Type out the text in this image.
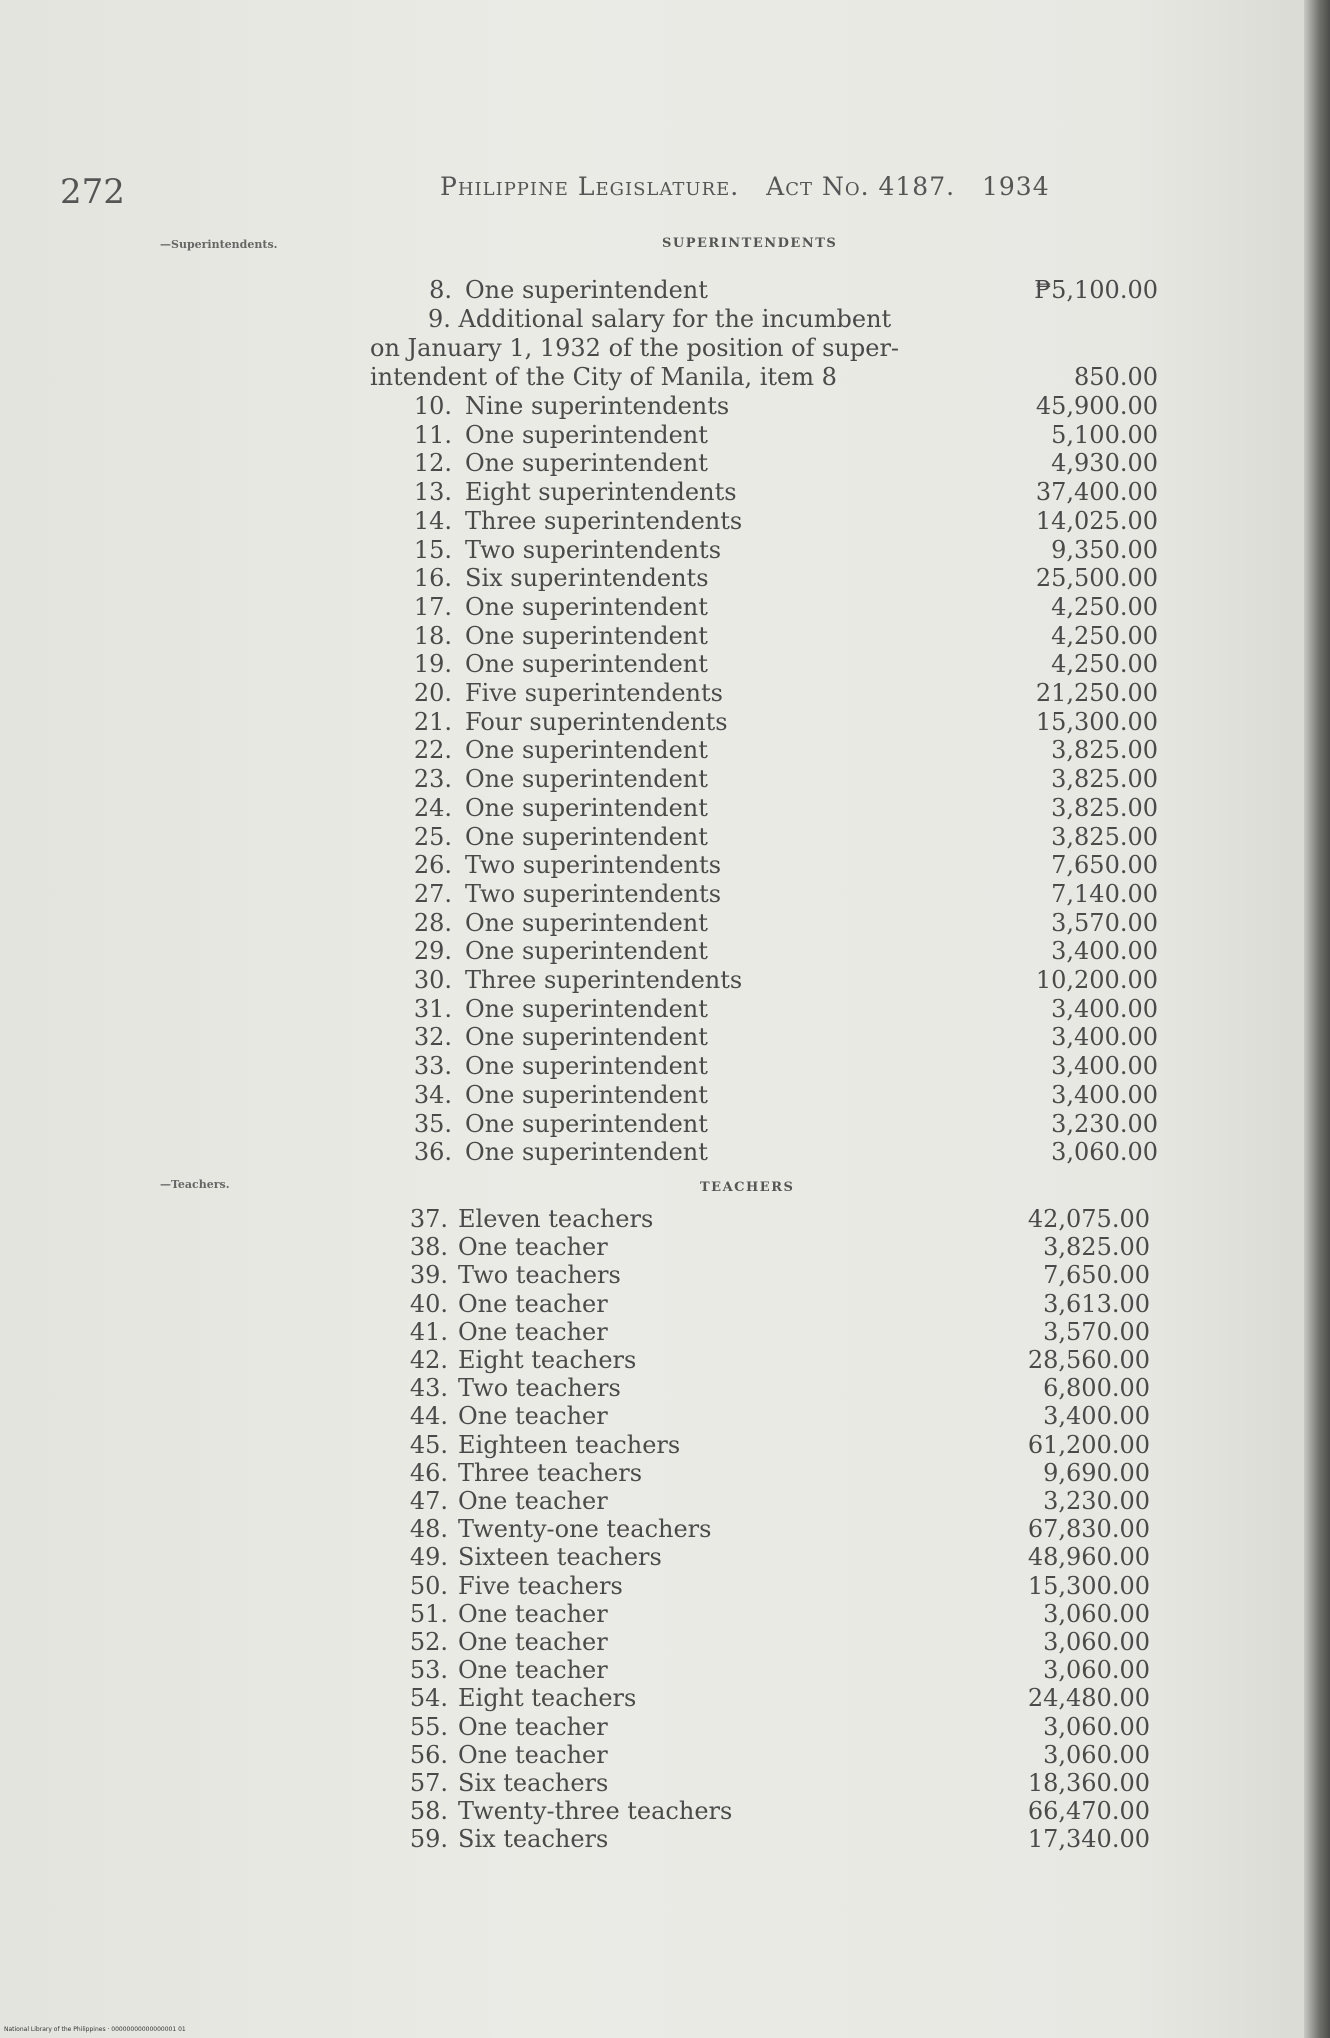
272	Philippine Legislature. Act No. 4187. 1934
—Superintendents.	SUPERINTENDENTS
8. One superintendent	₱5,100.00
9. Additional salary for the incumbent
on January 1, 1932 of the position of super-
intendent of the City of Manila, item 8	850.00
10. Nine superintendents	45,900.00
11. One superintendent	5,100.00
12. One superintendent	4,930.00
13. Eight superintendents	37,400.00
14. Three superintendents	14,025.00
15. Two superintendents	9,350.00
16. Six superintendents	25,500.00
17. One superintendent	4,250.00
18. One superintendent	4,250.00
19. One superintendent	4,250.00
20. Five superintendents	21,250.00
21. Four superintendents	15,300.00
22. One superintendent	3,825.00
23. One superintendent	3,825.00
24. One superintendent	3,825.00
25. One superintendent	3,825.00
26. Two superintendents	7,650.00
27. Two superintendents	7,140.00
28. One superintendent	3,570.00
29. One superintendent	3,400.00
30. Three superintendents	10,200.00
31. One superintendent	3,400.00
32. One superintendent	3,400.00
33. One superintendent	3,400.00
34. One superintendent	3,400.00
35. One superintendent	3,230.00
36. One superintendent	3,060.00
—Teachers.	TEACHERS
37. Eleven teachers	42,075.00
38. One teacher	3,825.00
39. Two teachers	7,650.00
40. One teacher	3,613.00
41. One teacher	3,570.00
42. Eight teachers	28,560.00
43. Two teachers	6,800.00
44. One teacher	3,400.00
45. Eighteen teachers	61,200.00
46. Three teachers	9,690.00
47. One teacher	3,230.00
48. Twenty-one teachers	67,830.00
49. Sixteen teachers	48,960.00
50. Five teachers	15,300.00
51. One teacher	3,060.00
52. One teacher	3,060.00
53. One teacher	3,060.00
54. Eight teachers	24,480.00
55. One teacher	3,060.00
56. One teacher	3,060.00
57. Six teachers	18,360.00
58. Twenty-three teachers	66,470.00
59. Six teachers	17,340.00
National Library of the Philippines · 00000000000000001 01
